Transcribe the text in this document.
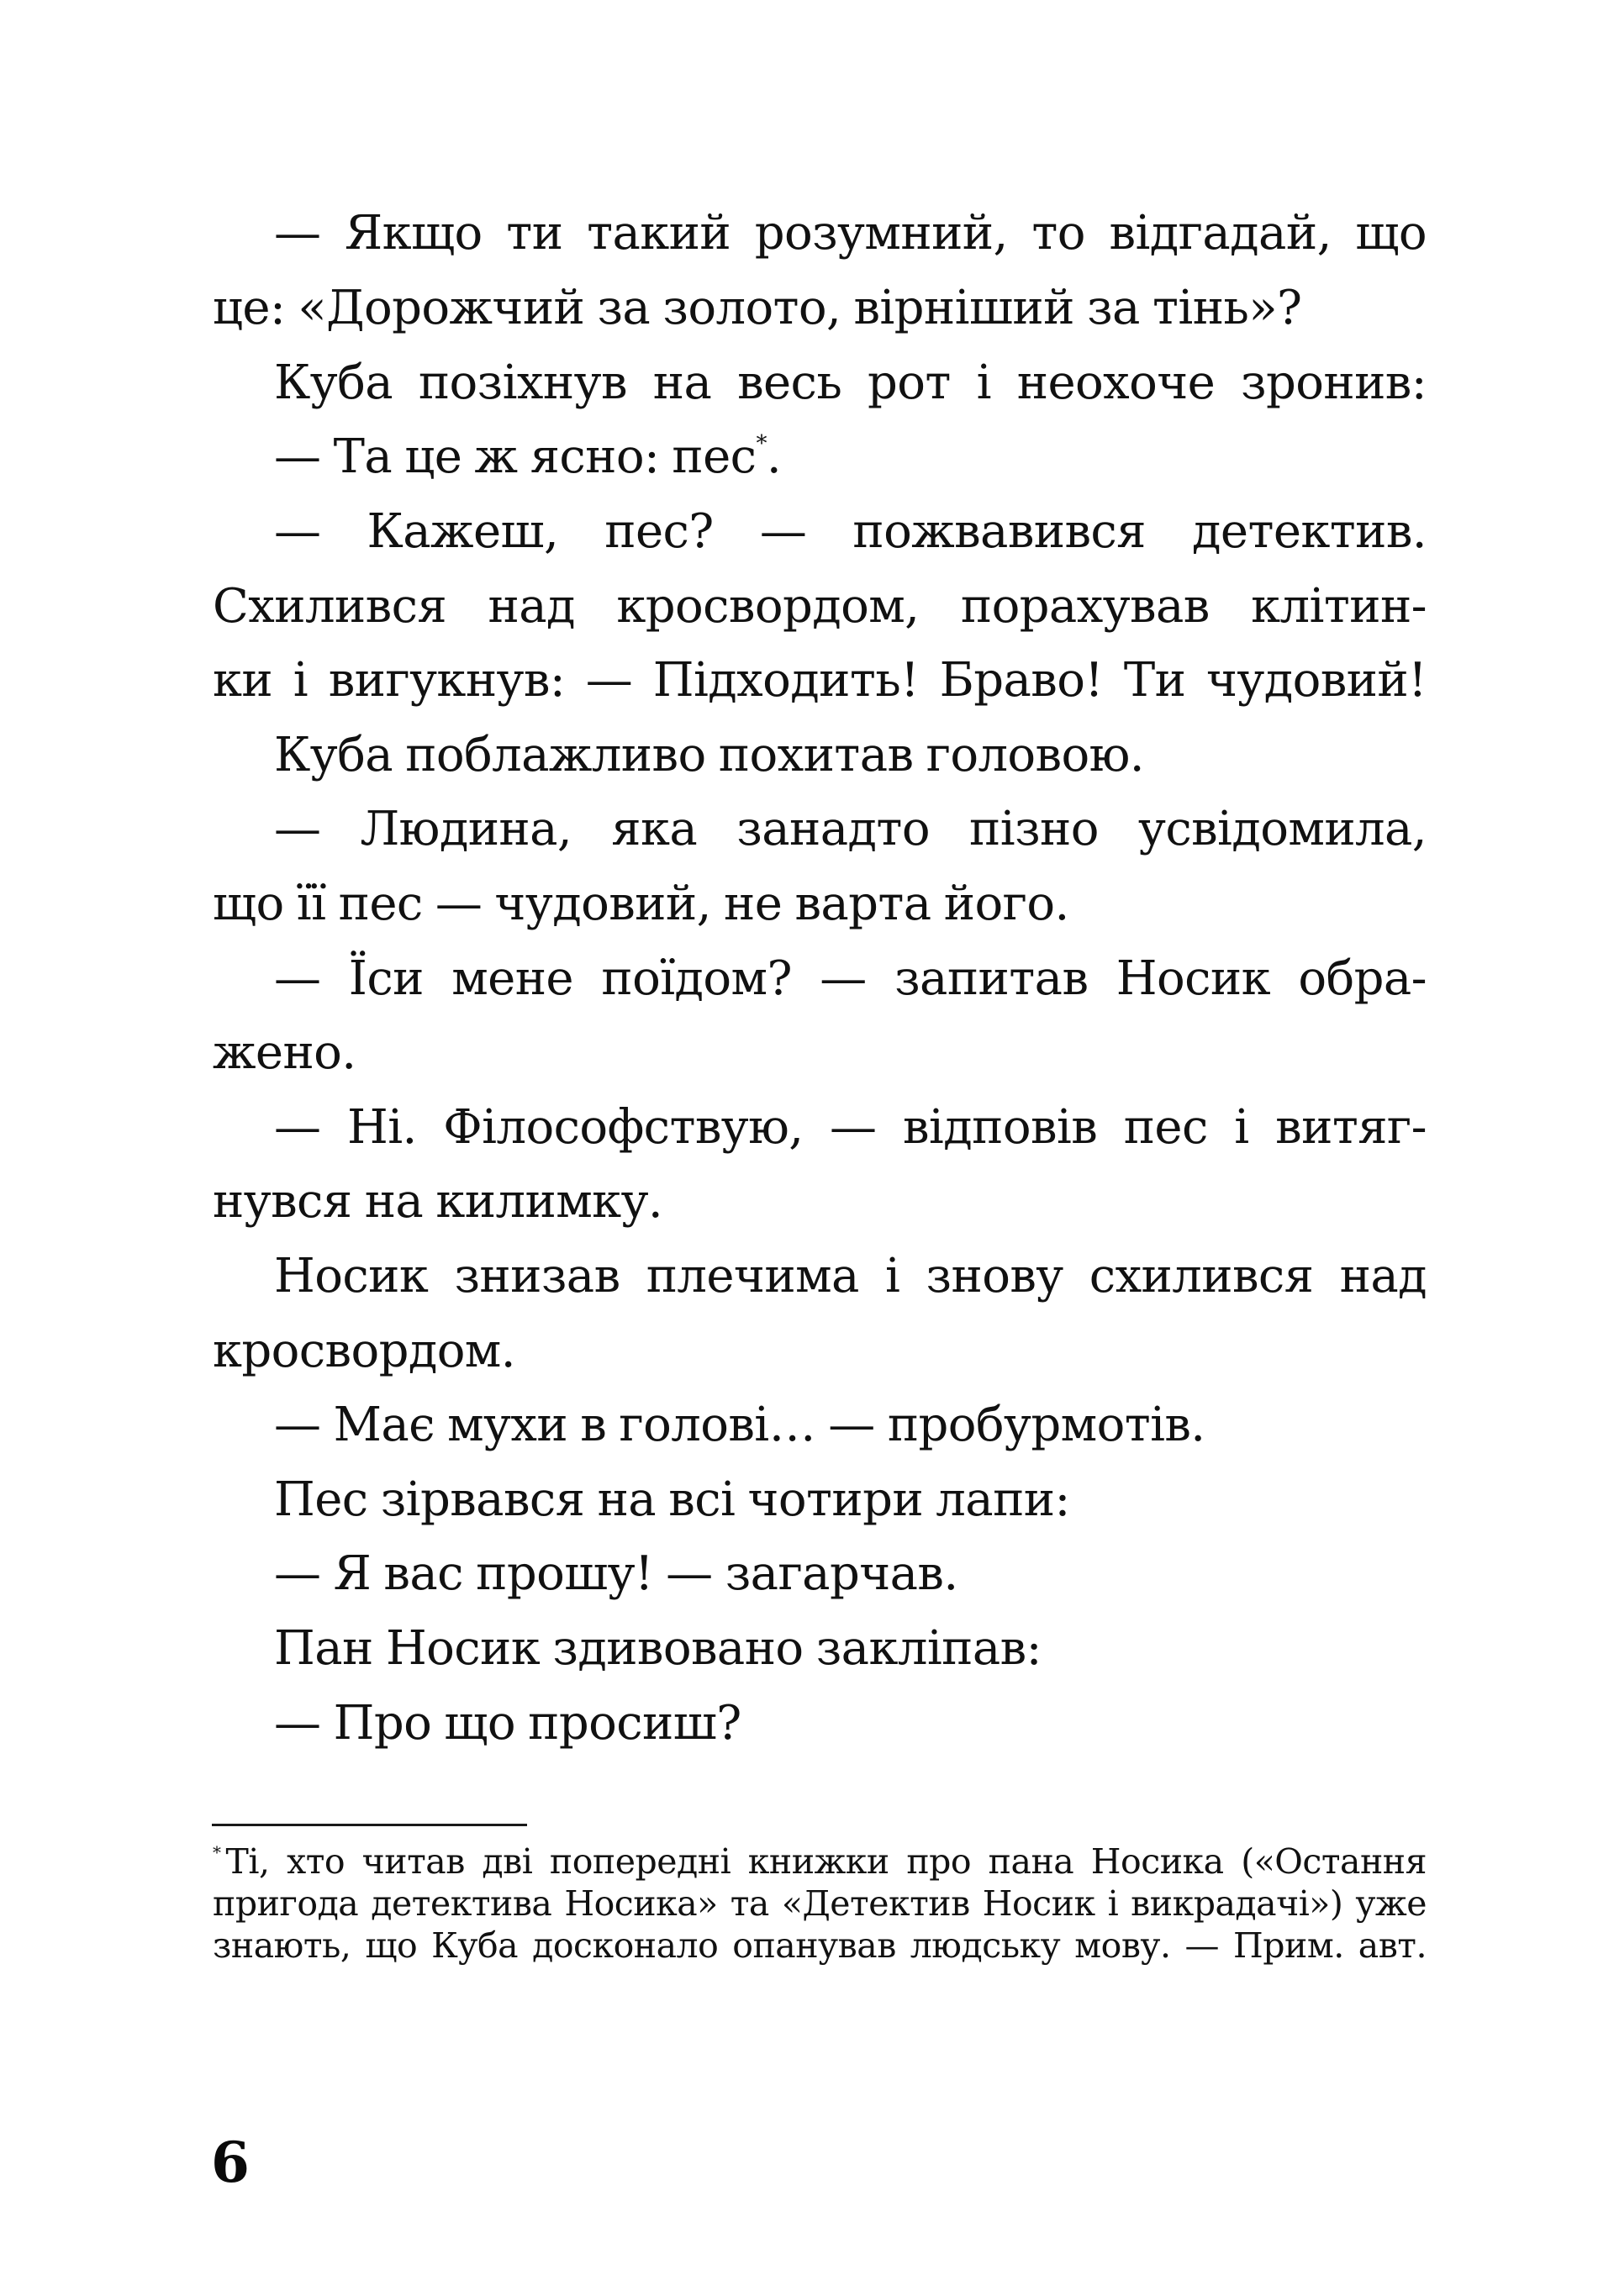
— Якщо ти такий розумний, то відгадай, що
це: «Дорожчий за золото, вірніший за тінь»?
Куба позіхнув на весь рот і неохоче зронив:
— Та це ж ясно: пес*.
— Кажеш, пес? — пожвавився детектив.
Схилився над кросвордом, порахував клітин-
ки і вигукнув: — Підходить! Браво! Ти чудовий!
Куба поблажливо похитав головою.
— Людина, яка занадто пізно усвідомила,
що її пес — чудовий, не варта його.
— Їси мене поїдом? — запитав Носик обра-
жено.
— Ні. Філософствую, — відповів пес і витяг-
нувся на килимку.
Носик знизав плечима і знову схилився над
кросвордом.
— Має мухи в голові… — пробурмотів.
Пес зірвався на всі чотири лапи:
— Я вас прошу! — загарчав.
Пан Носик здивовано закліпав:
— Про що просиш?
* Ті, хто читав дві попередні книжки про пана Носика («Остання
пригода детектива Носика» та «Детектив Носик і викрадачі») уже
знають, що Куба досконало опанував людську мову. — Прим. авт.
6
